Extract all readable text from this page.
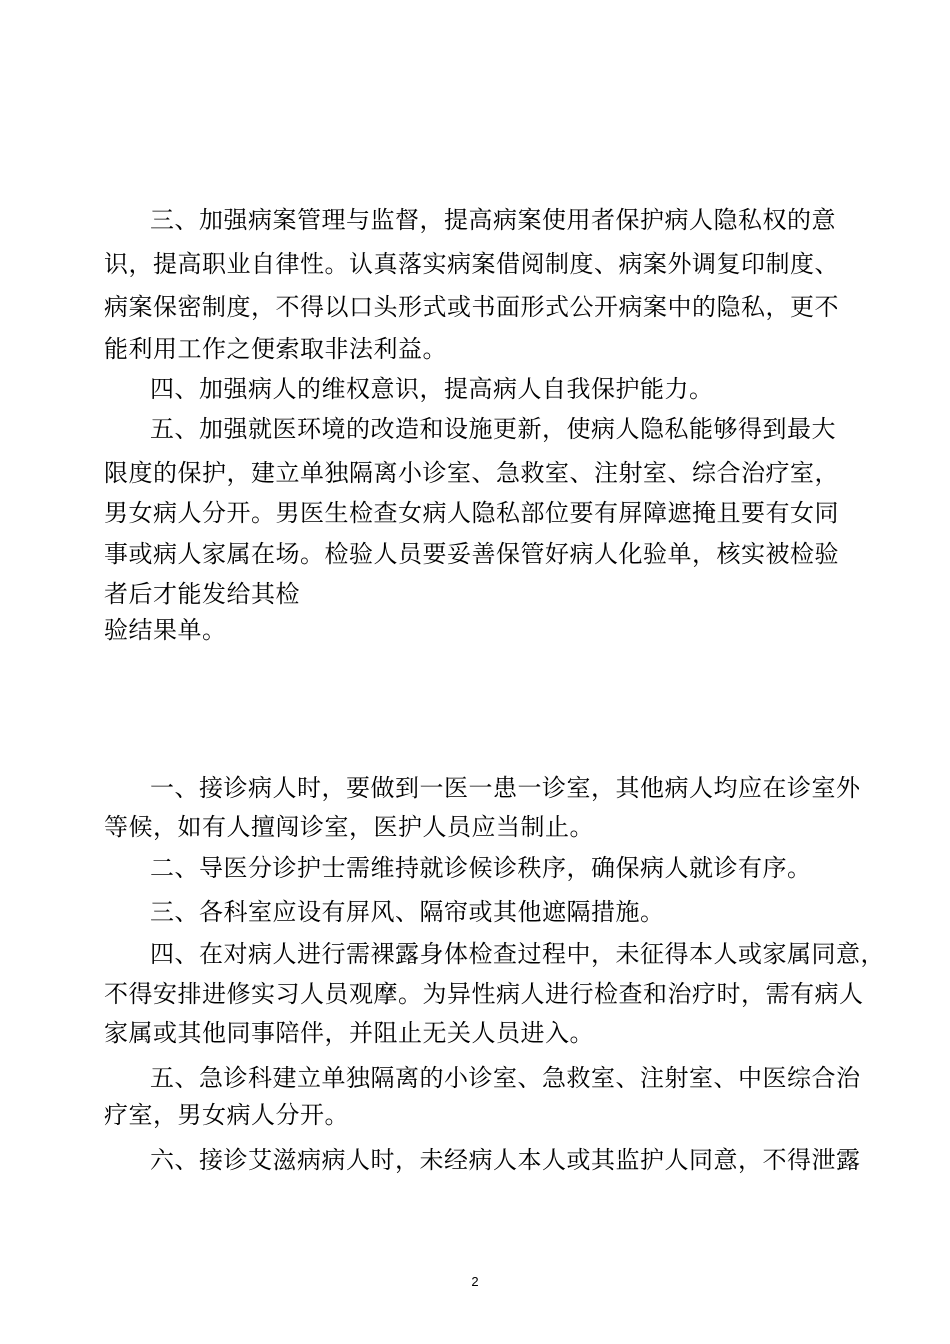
三、加强病案管理与监督，提高病案使用者保护病人隐私权的意

识，提高职业自律性。认真落实病案借阅制度、病案外调复印制度、

病案保密制度，不得以口头形式或书面形式公开病案中的隐私，更不

能利用工作之便索取非法利益。

四、加强病人的维权意识，提高病人自我保护能力。

五、加强就医环境的改造和设施更新，使病人隐私能够得到最大

限度的保护，建立单独隔离小诊室、急救室、注射室、综合治疗室，

男女病人分开。男医生检查女病人隐私部位要有屏障遮掩且要有女同

事或病人家属在场。检验人员要妥善保管好病人化验单，核实被检验

者后才能发给其检

验结果单。

一、接诊病人时，要做到一医一患一诊室，其他病人均应在诊室外

等候，如有人擅闯诊室，医护人员应当制止。

二、导医分诊护士需维持就诊候诊秩序，确保病人就诊有序。

三、各科室应设有屏风、隔帘或其他遮隔措施。

四、在对病人进行需裸露身体检查过程中，未征得本人或家属同意，

不得安排进修实习人员观摩。为异性病人进行检查和治疗时，需有病人

家属或其他同事陪伴，并阻止无关人员进入。

五、急诊科建立单独隔离的小诊室、急救室、注射室、中医综合治

疗室，男女病人分开。

六、接诊艾滋病病人时，未经病人本人或其监护人同意，不得泄露

2
